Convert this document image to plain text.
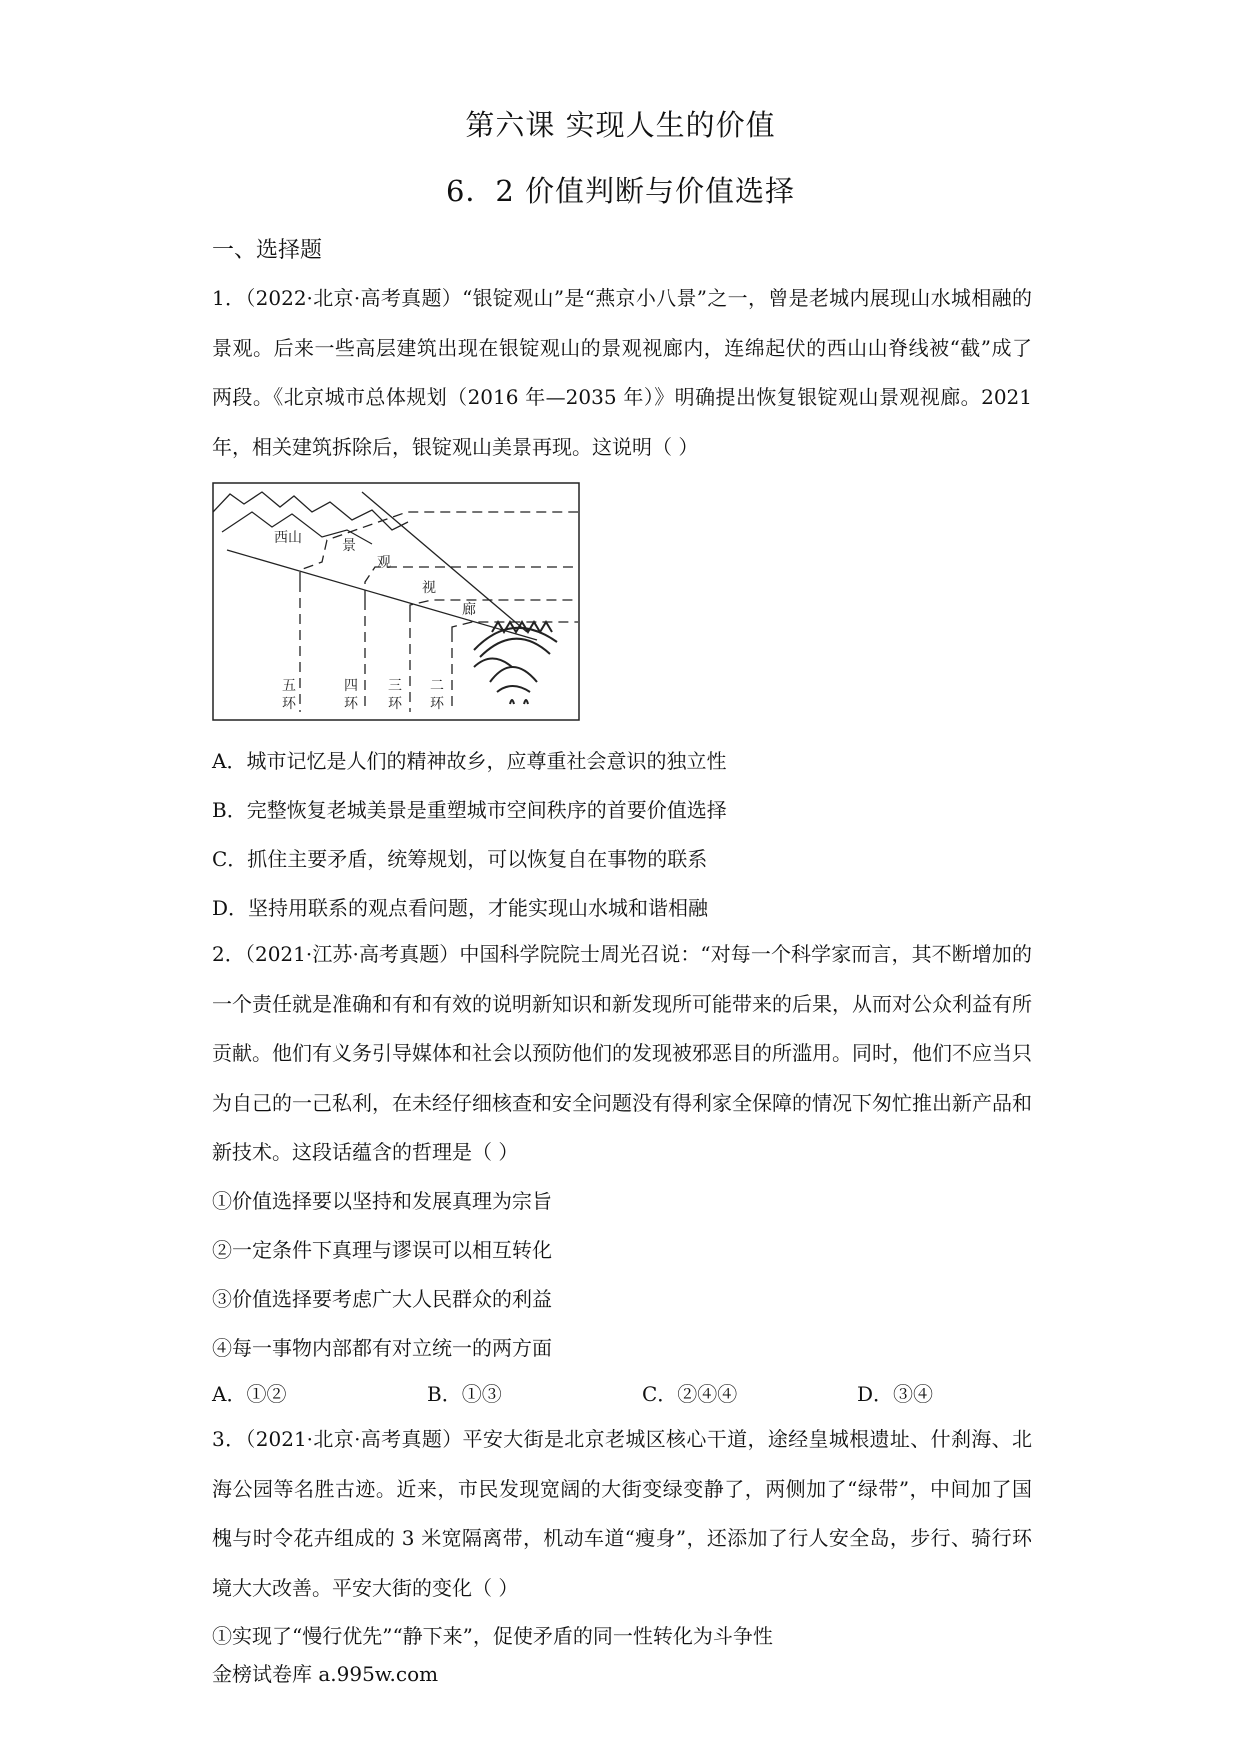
第六课 实现人生的价值
6．2 价值判断与价值选择
一、选择题
1．（2022·北京·高考真题）“银锭观山”是“燕京小八景”之一，曾是老城内展现山水城相融的景观。后来一些高层建筑出现在银锭观山的景观视廊内，连绵起伏的西山山脊线被“截”成了两段。《北京城市总体规划（2016 年—2035 年）》明确提出恢复银锭观山景观视廊。2021 年，相关建筑拆除后，银锭观山美景再现。这说明（ ）
西山	景
观
视
廊
五
环
四
环
三
环
二
环
A．城市记忆是人们的精神故乡，应尊重社会意识的独立性
B．完整恢复老城美景是重塑城市空间秩序的首要价值选择
C．抓住主要矛盾，统筹规划，可以恢复自在事物的联系
D．坚持用联系的观点看问题，才能实现山水城和谐相融
2．（2021·江苏·高考真题）中国科学院院士周光召说：“对每一个科学家而言，其不断增加的一个责任就是准确和有和有效的说明新知识和新发现所可能带来的后果，从而对公众利益有所贡献。他们有义务引导媒体和社会以预防他们的发现被邪恶目的所滥用。同时，他们不应当只为自己的一己私利，在未经仔细核查和安全问题没有得利家全保障的情况下匆忙推出新产品和新技术。这段话蕴含的哲理是（ ）
①价值选择要以坚持和发展真理为宗旨
②一定条件下真理与谬误可以相互转化
③价值选择要考虑广大人民群众的利益
④每一事物内部都有对立统一的两方面
A．①②	B．①③	C．②④④	D．③④
3．（2021·北京·高考真题）平安大街是北京老城区核心干道，途经皇城根遗址、什刹海、北海公园等名胜古迹。近来，市民发现宽阔的大街变绿变静了，两侧加了“绿带”，中间加了国槐与时令花卉组成的 3 米宽隔离带，机动车道“瘦身”，还添加了行人安全岛，步行、骑行环境大大改善。平安大街的变化（ ）
①实现了“慢行优先”“静下来”，促使矛盾的同一性转化为斗争性
金榜试卷库 a.995w.com
